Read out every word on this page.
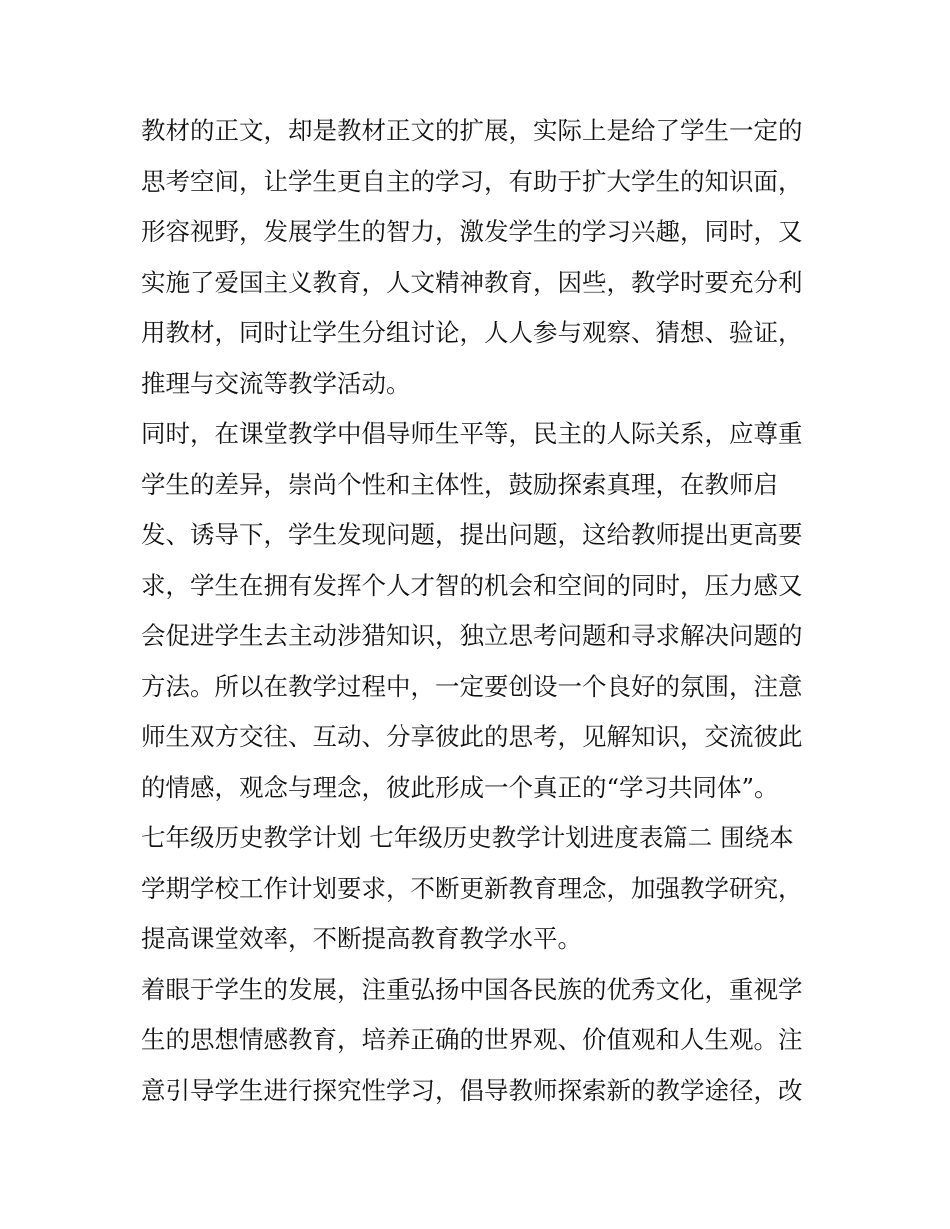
教材的正文，却是教材正文的扩展，实际上是给了学生一定的
思考空间，让学生更自主的学习，有助于扩大学生的知识面，
形容视野，发展学生的智力，激发学生的学习兴趣，同时，又
实施了爱国主义教育，人文精神教育，因些，教学时要充分利
用教材，同时让学生分组讨论，人人参与观察、猜想、验证，
推理与交流等教学活动。
同时，在课堂教学中倡导师生平等，民主的人际关系，应尊重
学生的差异，崇尚个性和主体性，鼓励探索真理，在教师启
发、诱导下，学生发现问题，提出问题，这给教师提出更高要
求，学生在拥有发挥个人才智的机会和空间的同时，压力感又
会促进学生去主动涉猎知识，独立思考问题和寻求解决问题的
方法。所以在教学过程中，一定要创设一个良好的氛围，注意
师生双方交往、互动、分享彼此的思考，见解知识，交流彼此
的情感，观念与理念，彼此形成一个真正的“学习共同体”。
七年级历史教学计划 七年级历史教学计划进度表篇二 围绕本
学期学校工作计划要求，不断更新教育理念，加强教学研究，
提高课堂效率，不断提高教育教学水平。
着眼于学生的发展，注重弘扬中国各民族的优秀文化，重视学
生的思想情感教育，培养正确的世界观、价值观和人生观。注
意引导学生进行探究性学习，倡导教师探索新的教学途径，改
